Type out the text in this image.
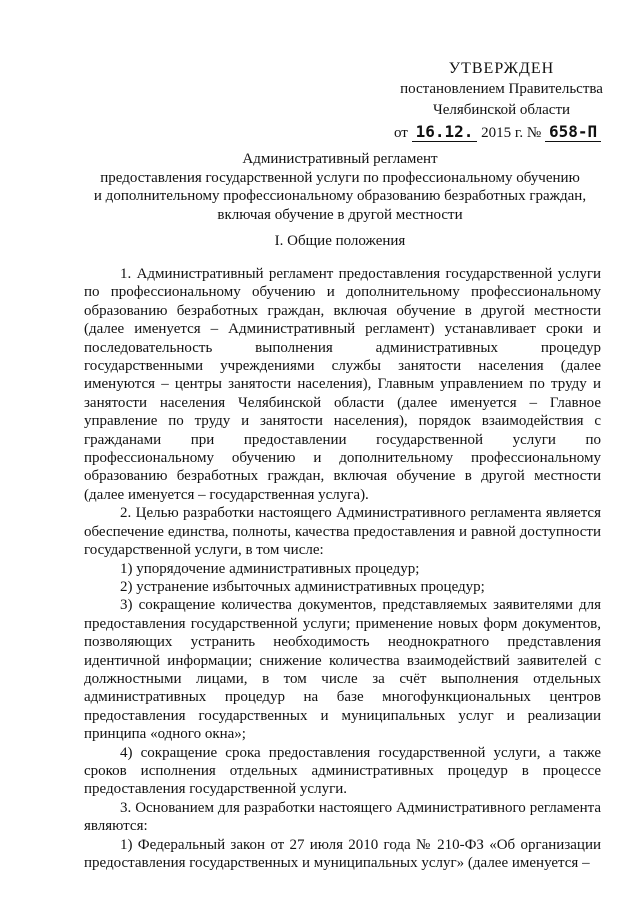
УТВЕРЖДЕН
постановлением Правительства
Челябинской области
от 16.12. 2015 г. № 658-П
Административный регламент
предоставления государственной услуги по профессиональному обучению
и дополнительному профессиональному образованию безработных граждан,
включая обучение в другой местности
I. Общие положения

1. Административный регламент предоставления государственной услуги по профессиональному обучению и дополнительному профессиональному образованию безработных граждан, включая обучение в другой местности (далее именуется – Административный регламент) устанавливает сроки и последовательность выполнения административных процедур государственными учреждениями службы занятости населения (далее именуются – центры занятости населения), Главным управлением по труду и занятости населения Челябинской области (далее именуется – Главное управление по труду и занятости населения), порядок взаимодействия с гражданами при предоставлении государственной услуги по профессиональному обучению и дополнительному профессиональному образованию безработных граждан, включая обучение в другой местности (далее именуется – государственная услуга).

2. Целью разработки настоящего Административного регламента является обеспечение единства, полноты, качества предоставления и равной доступности государственной услуги, в том числе:

1) упорядочение административных процедур;

2) устранение избыточных административных процедур;

3) сокращение количества документов, представляемых заявителями для предоставления государственной услуги; применение новых форм документов, позволяющих устранить необходимость неоднократного представления идентичной информации; снижение количества взаимодействий заявителей с должностными лицами, в том числе за счёт выполнения отдельных административных процедур на базе многофункциональных центров предоставления государственных и муниципальных услуг и реализации принципа «одного окна»;

4) сокращение срока предоставления государственной услуги, а также сроков исполнения отдельных административных процедур в процессе предоставления государственной услуги.

3. Основанием для разработки настоящего Административного регламента являются:

1) Федеральный закон от 27 июля 2010 года № 210-ФЗ «Об организации предоставления государственных и муниципальных услуг» (далее именуется –
